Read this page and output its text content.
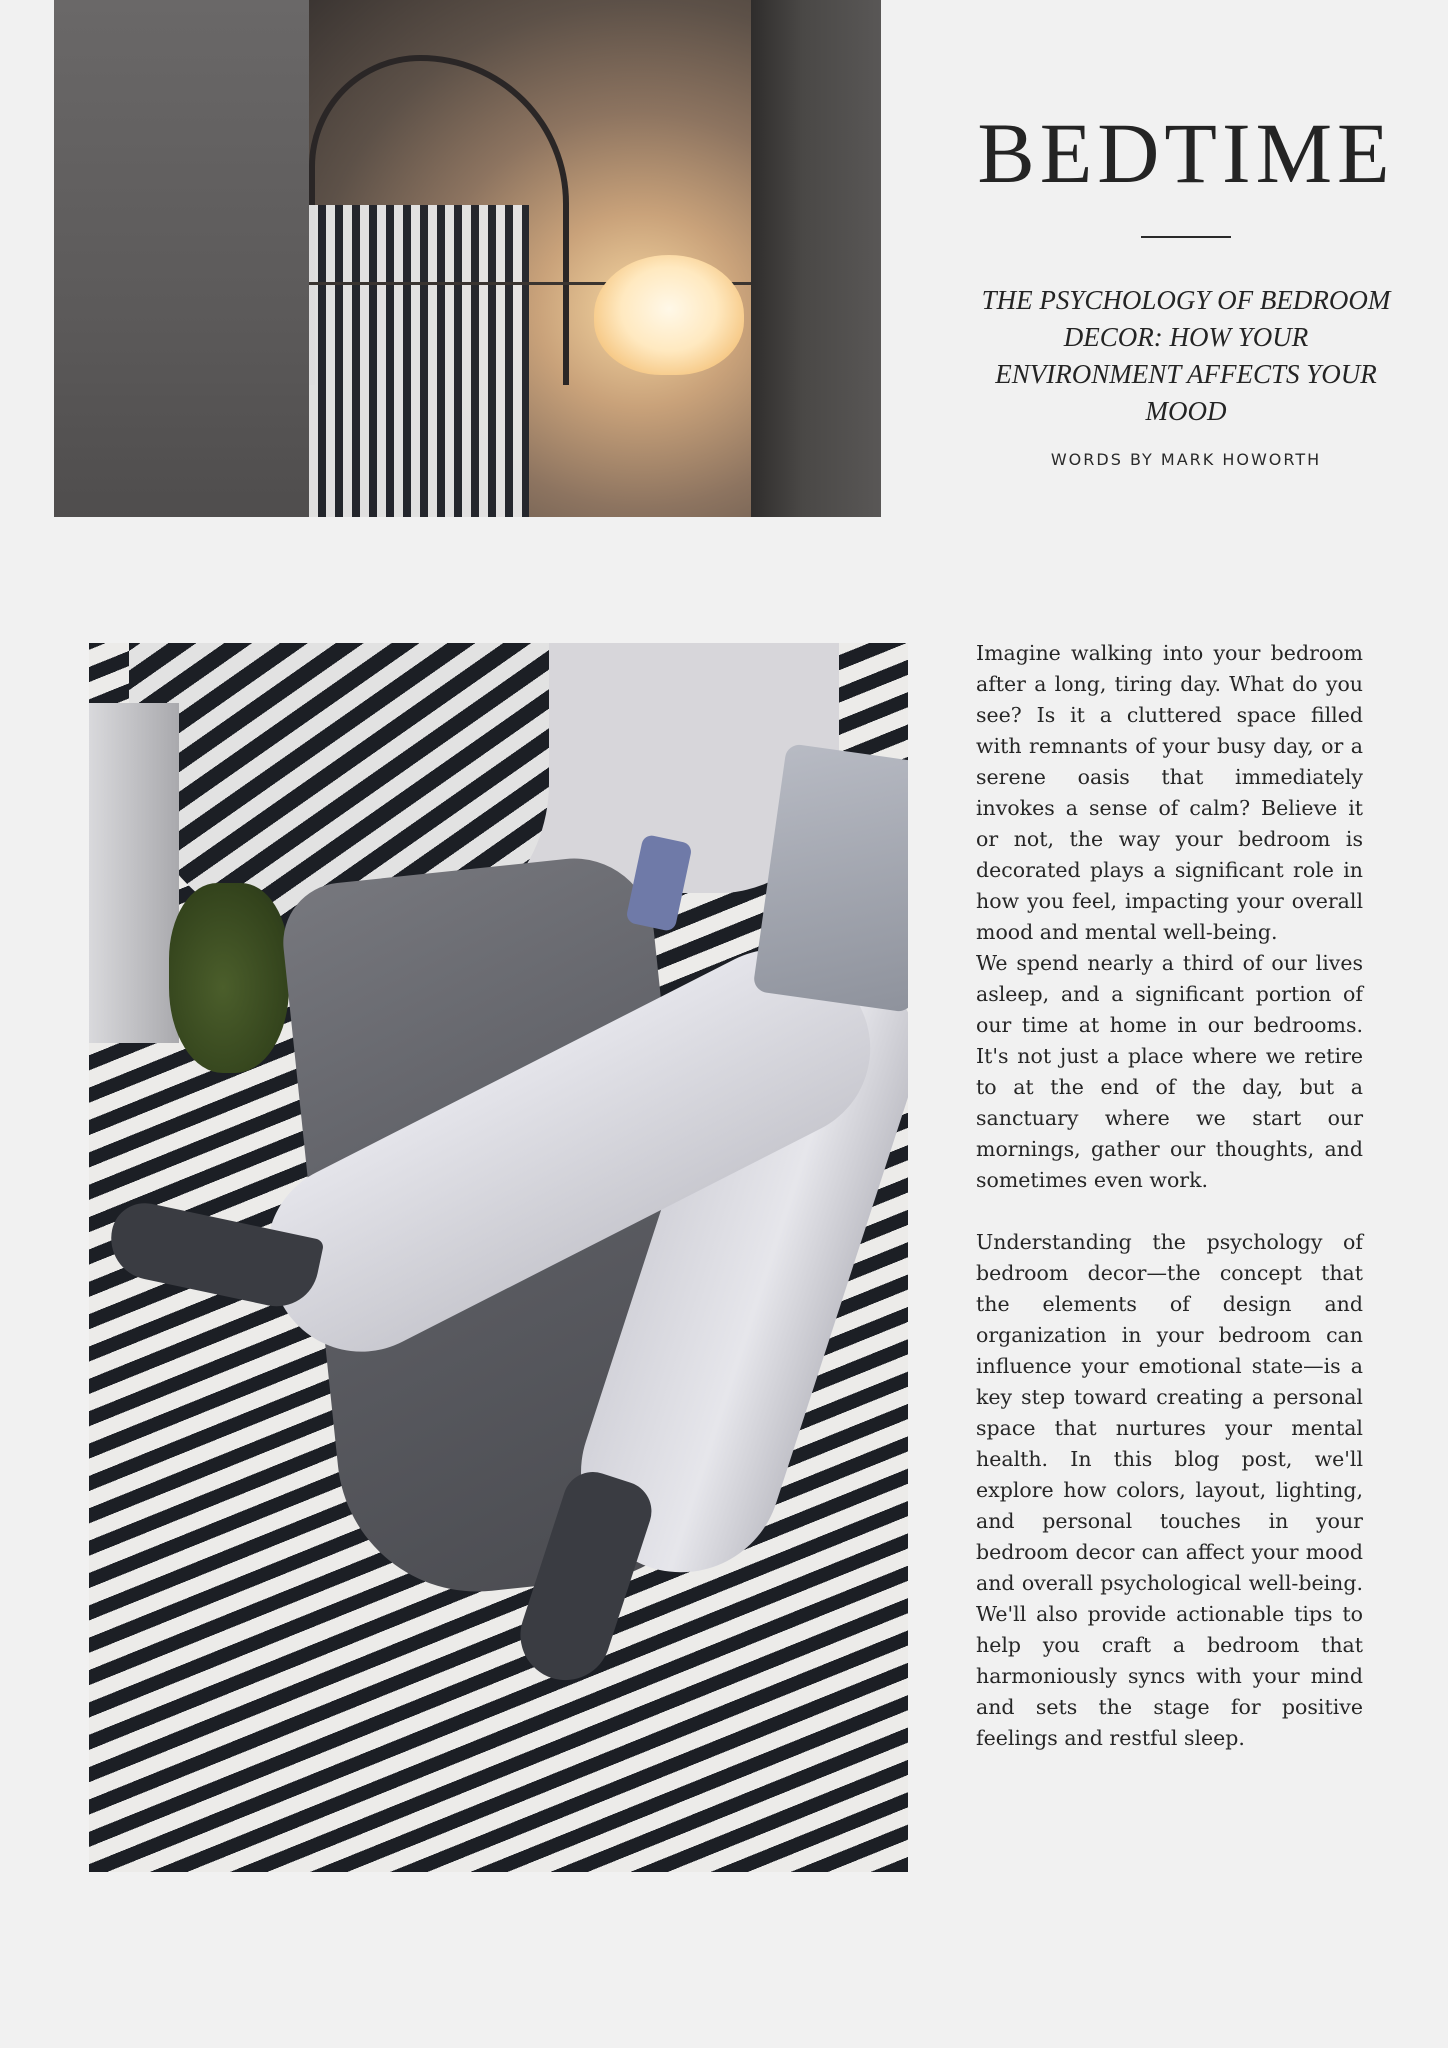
BEDTIME
THE PSYCHOLOGY OF BEDROOM DECOR: HOW YOUR ENVIRONMENT AFFECTS YOUR MOOD
WORDS BY MARK HOWORTH

Imagine walking into your bedroom after a long, tiring day. What do you see? Is it a cluttered space filled with remnants of your busy day, or a serene oasis that immediately invokes a sense of calm? Believe it or not, the way your bedroom is decorated plays a significant role in how you feel, impacting your overall mood and mental well-being.

We spend nearly a third of our lives asleep, and a significant portion of our time at home in our bedrooms. It's not just a place where we retire to at the end of the day, but a sanctuary where we start our mornings, gather our thoughts, and sometimes even work.

Understanding the psychology of bedroom decor—the concept that the elements of design and organization in your bedroom can influence your emotional state—is a key step toward creating a personal space that nurtures your mental health. In this blog post, we'll explore how colors, layout, lighting, and personal touches in your bedroom decor can affect your mood and overall psychological well-being. We'll also provide actionable tips to help you craft a bedroom that harmoniously syncs with your mind and sets the stage for positive feelings and restful sleep.
